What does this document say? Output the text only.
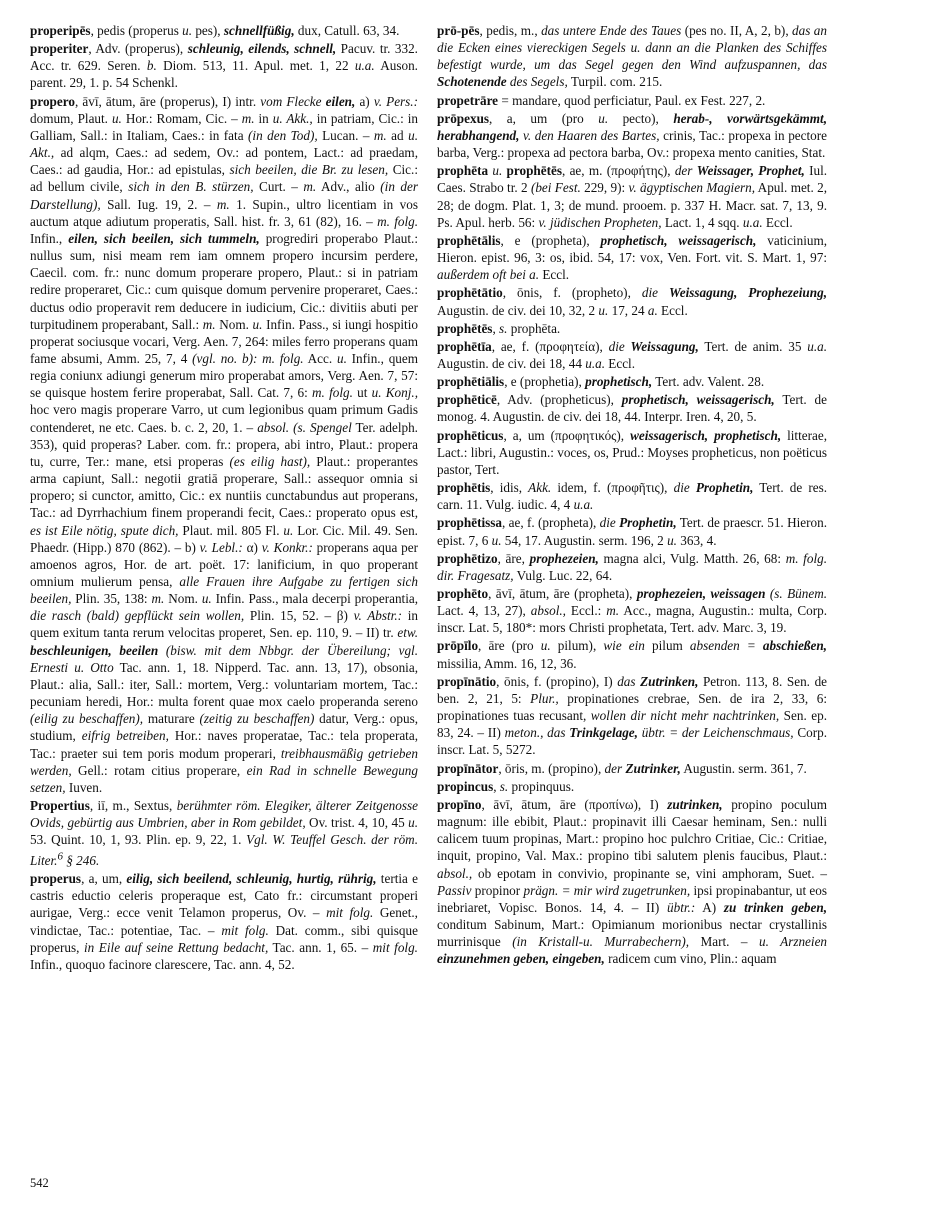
properipēs, pedis (properus u. pes), schnellfüßig, dux, Catull. 63, 34.
properiter, Adv. (properus), schleunig, eilends, schnell, Pacuv. tr. 332. Acc. tr. 629. Seren. b. Diom. 513, 11. Apul. met. 1, 22 u.a. Auson. parent. 29, 1. p. 54 Schenkl.
propero, āvī, ātum, āre (properus), I) intr. vom Flecke eilen, a) v. Pers.: domum, Plaut. u. Hor.: Romam, Cic. – m. in u. Akk., in patriam, Cic.: in Galliam, Sall.: in Italiam, Caes.: in fata (in den Tod), Lucan. – m. ad u. Akt., ad alqm, Caes.: ad sedem, Ov.: ad pontem, Lact.: ad praedam, Caes.: ad gaudia, Hor.: ad epistulas, sich beeilen, die Br. zu lesen, Cic.: ad bellum civile, sich in den B. stürzen, Curt. – m. Adv., alio (in der Darstellung), Sall. Iug. 19, 2. – m. 1. Supin., ultro licentiam in vos auctum atque adiutum properatis, Sall. hist. fr. 3, 61 (82), 16. – m. folg. Infin., eilen, sich beeilen, sich tummeln, progrediri properabo Plaut.: nullus sum, nisi meam rem iam omnem propero incursim perdere, Caecil. com. fr.: nunc domum properare propero, Plaut.: si in patriam redire properaret, Cic.: cum quisque domum pervenire properaret, Caes.: ductus odio properavit rem deducere in iudicium, Cic.: divitiis abuti per turpitudinem properabant, Sall.: m. Nom. u. Infin. Pass., si iungi hospitio properat sociusque vocari, Verg. Aen. 7, 264: miles ferro properans quam fame absumi, Amm. 25, 7, 4 (vgl. no. b): m. folg. Acc. u. Infin., quem regia coniunx adiungi generum miro properabat amors, Verg. Aen. 7, 57: se quisque hostem ferire properabat, Sall. Cat. 7, 6: m. folg. ut u. Konj., hoc vero magis properare Varro, ut cum legionibus quam primum Gadis contenderet, ne etc. Caes. b. c. 2, 20, 1. – absol. (s. Spengel Ter. adelph. 353), quid properas? Laber. com. fr.: propera, abi intro, Plaut.: propera tu, curre, Ter.: mane, etsi properas (es eilig hast), Plaut.: properantes arma capiunt, Sall.: negotii gratiā properare, Sall.: assequor omnia si propero; si cunctor, amitto, Cic.: ex nuntiis cunctabundus aut properans, Tac.: ad Dyrrhachium finem properandi fecit, Caes.: properato opus est, es ist Eile nötig, spute dich, Plaut. mil. 805 Fl. u. Lor. Cic. Mil. 49. Sen. Phaedr. (Hipp.) 870 (862). – b) v. Lebl.: α) v. Konkr.: properans aqua per amoenos agros, Hor. de art. poët. 17: lanificium, in quo properant omnium mulierum pensa, alle Frauen ihre Aufgabe zu fertigen sich beeilen, Plin. 35, 138: m. Nom. u. Infin. Pass., mala decerpi properantia, die rasch (bald) gepflückt sein wollen, Plin. 15, 52. – β) v. Abstr.: in quem exitum tanta rerum velocitas properet, Sen. ep. 110, 9. – II) tr. etw. beschleunigen, beeilen (bisw. mit dem Nbbgr. der Übereilung; vgl. Ernesti u. Otto Tac. ann. 1, 18. Nipperd. Tac. ann. 13, 17), obsonia, Plaut.: alia, Sall.: iter, Sall.: mortem, Verg.: voluntariam mortem, Tac.: pecuniam heredi, Hor.: multa forent quae mox caelo properanda sereno (eilig zu beschaffen), maturare (zeitig zu beschaffen) datur, Verg.: opus, studium, eifrig betreiben, Hor.: naves properatae, Tac.: tela properata, Tac.: praeter sui tem poris modum properari, treibhausmäßig getrieben werden, Gell.: rotam citius properare, ein Rad in schnelle Bewegung setzen, Iuven.
Propertius, iī, m., Sextus, berühmter röm. Elegiker, älterer Zeitgenosse Ovids, gebürtig aus Umbrien, aber in Rom gebildet, Ov. trist. 4, 10, 45 u. 53. Quint. 10, 1, 93. Plin. ep. 9, 22, 1. Vgl. W. Teuffel Gesch. der röm. Liter.$^6$ § 246.
properus, a, um, eilig, sich beeilend, schleunig, hurtig, rührig, tertia e castris eductio celeris properaque est, Cato fr.: circumstant properi aurigae, Verg.: ecce venit Telamon properus, Ov. – mit folg. Genet., vindictae, Tac.: potentiae, Tac. – mit folg. Dat. comm., sibi quisque properus, in Eile auf seine Rettung bedacht, Tac. ann. 1, 65. – mit folg. Infin., quoquo facinore clarescere, Tac. ann. 4, 52.
prō-pēs, pedis, m., das untere Ende des Taues (pes no. II, A, 2, b), das an die Ecken eines viereckigen Segels u. dann an die Planken des Schiffes befestigt wurde, um das Segel gegen den Wind aufzuspannen, das Schotenende des Segels, Turpil. com. 215.
propetrāre = mandare, quod perficiatur, Paul. ex Fest. 227, 2.
prōpexus, a, um (pro u. pecto), herab-, vorwärtsgekämmt, herabhangend, v. den Haaren des Bartes, crinis, Tac.: propexa in pectore barba, Verg.: propexa ad pectora barba, Ov.: propexa mento canities, Stat.
prophēta u. prophētēs, ae, m. (προφήτης), der Weissager, Prophet, Iul. Caes. Strabo tr. 2 (bei Fest. 229, 9): v. ägyptischen Magiern, Apul. met. 2, 28; de dogm. Plat. 1, 3; de mund. prooem. p. 337 H. Macr. sat. 7, 13, 9. Ps. Apul. herb. 56: v. jüdischen Propheten, Lact. 1, 4 sqq. u.a. Eccl.
prophētālis, e (propheta), prophetisch, weissagerisch, vaticinium, Hieron. epist. 96, 3: os, ibid. 54, 17: vox, Ven. Fort. vit. S. Mart. 1, 97: außerdem oft bei a. Eccl.
prophētātio, ōnis, f. (propheto), die Weissagung, Prophezeiung, Augustin. de civ. dei 10, 32, 2 u. 17, 24 a. Eccl.
prophētēs, s. prophēta.
prophētīa, ae, f. (προφητεία), die Weissagung, Tert. de anim. 35 u.a. Augustin. de civ. dei 18, 44 u.a. Eccl.
prophētiālis, e (prophetia), prophetisch, Tert. adv. Valent. 28.
prophēticē, Adv. (propheticus), prophetisch, weissagerisch, Tert. de monog. 4. Augustin. de civ. dei 18, 44. Interpr. Iren. 4, 20, 5.
prophēticus, a, um (προφητικός), weissagerisch, prophetisch, litterae, Lact.: libri, Augustin.: voces, os, Prud.: Moyses propheticus, non poëticus pastor, Tert.
prophētis, idis, Akk. idem, f. (προφῆτις), die Prophetin, Tert. de res. carn. 11. Vulg. iudic. 4, 4 u.a.
prophētissa, ae, f. (propheta), die Prophetin, Tert. de praescr. 51. Hieron. epist. 7, 6 u. 54, 17. Augustin. serm. 196, 2 u. 363, 4.
prophētizo, āre, prophezeien, magna alci, Vulg. Matth. 26, 68: m. folg. dir. Fragesatz, Vulg. Luc. 22, 64.
prophēto, āvī, ātum, āre (propheta), prophezeien, weissagen (s. Bünem. Lact. 4, 13, 27), absol., Eccl.: m. Acc., magna, Augustin.: multa, Corp. inscr. Lat. 5, 180*: mors Christi prophetata, Tert. adv. Marc. 3, 19.
prōpīlo, āre (pro u. pilum), wie ein pilum absenden = abschießen, missilia, Amm. 16, 12, 36.
propīnātio, ōnis, f. (propino), I) das Zutrinken, Petron. 113, 8. Sen. de ben. 2, 21, 5: Plur., propinationes crebrae, Sen. de ira 2, 33, 6: propinationes tuas recusant, wollen dir nicht mehr nachtrinken, Sen. ep. 83, 24. – II) meton., das Trinkgelage, übtr. = der Leichenschmaus, Corp. inscr. Lat. 5, 5272.
propīnātor, ōris, m. (propino), der Zutrinker, Augustin. serm. 361, 7.
propincus, s. propinquus.
propīno, āvī, ātum, āre (προπίνω), I) zutrinken, propino poculum magnum: ille ebibit, Plaut.: propinavit illi Caesar heminam, Sen.: nulli calicem tuum propinas, Mart.: propino hoc pulchro Critiae, Cic.: Critiae, inquit, propino, Val. Max.: propino tibi salutem plenis faucibus, Plaut.: absol., ob epotam in convivio, propinante se, vini amphoram, Suet. – Passiv propinor prägn. = mir wird zugetrunken, ipsi propinabantur, ut eos inebriaret, Vopisc. Bonos. 14, 4. – II) übtr.: A) zu trinken geben, conditum Sabinum, Mart.: Opimianum morionibus nectar crystallinis murrinisque (in Kristall-u. Murrabechern), Mart. – u. Arzneien einzunehmen geben, eingeben, radicem cum vino, Plin.: aquam
542
